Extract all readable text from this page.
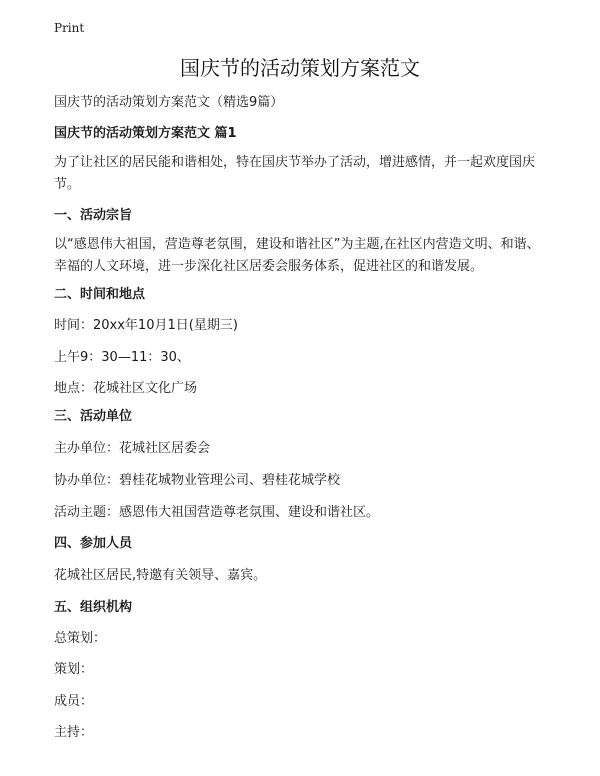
Print
国庆节的活动策划方案范文

国庆节的活动策划方案范文（精选9篇）

国庆节的活动策划方案范文 篇1

为了让社区的居民能和谐相处，特在国庆节举办了活动，增进感情，并一起欢度国庆节。

一、活动宗旨

以“感恩伟大祖国，营造尊老氛围，建设和谐社区”为主题,在社区内营造文明、和谐、幸福的人文环境，进一步深化社区居委会服务体系，促进社区的和谐发展。

二、时间和地点

时间：20xx年10月1日(星期三)

上午9：30—11：30、

地点：花城社区文化广场

三、活动单位

主办单位：花城社区居委会

协办单位：碧桂花城物业管理公司、碧桂花城学校

活动主题：感恩伟大祖国营造尊老氛围、建设和谐社区。

四、参加人员

花城社区居民,特邀有关领导、嘉宾。

五、组织机构

总策划：

策划：

成员：

主持：
